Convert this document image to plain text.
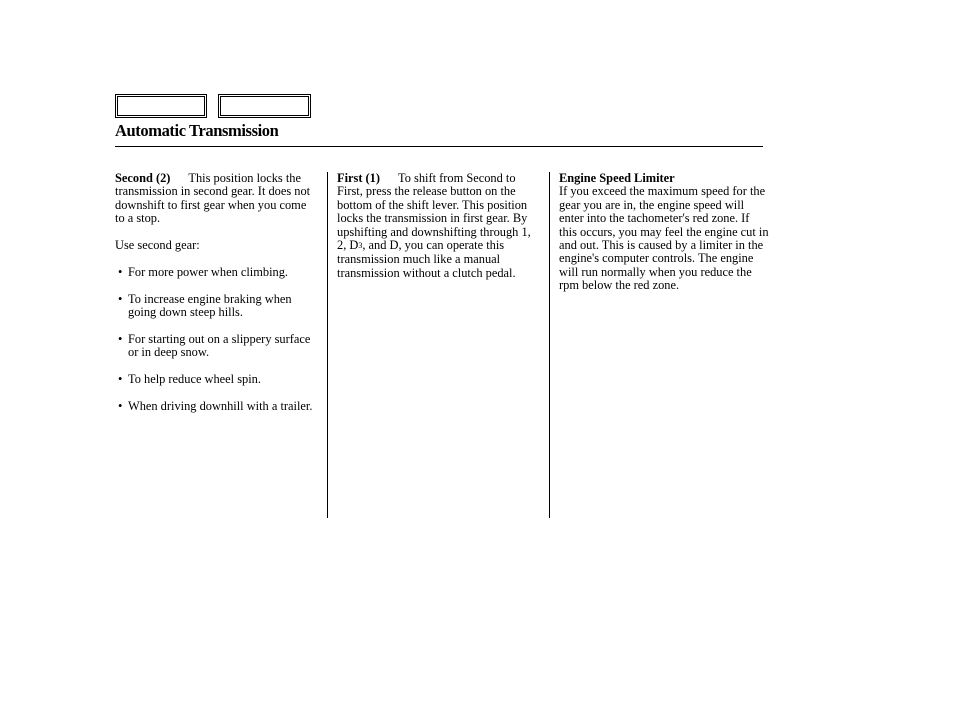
Automatic Transmission

Second (2) This position locks the transmission in second gear. It does not downshift to first gear when you come to a stop.

Use second gear:

• For more power when climbing.
• To increase engine braking when going down steep hills.
• For starting out on a slippery surface or in deep snow.
• To help reduce wheel spin.
• When driving downhill with a trailer.

First (1) To shift from Second to First, press the release button on the bottom of the shift lever. This position locks the transmission in first gear. By upshifting and downshifting through 1, 2, $D_3$, and D, you can operate this transmission much like a manual transmission without a clutch pedal.

Engine Speed Limiter

If you exceed the maximum speed for the gear you are in, the engine speed will enter into the tachometer's red zone. If this occurs, you may feel the engine cut in and out. This is caused by a limiter in the engine's computer controls. The engine will run normally when you reduce the rpm below the red zone.
